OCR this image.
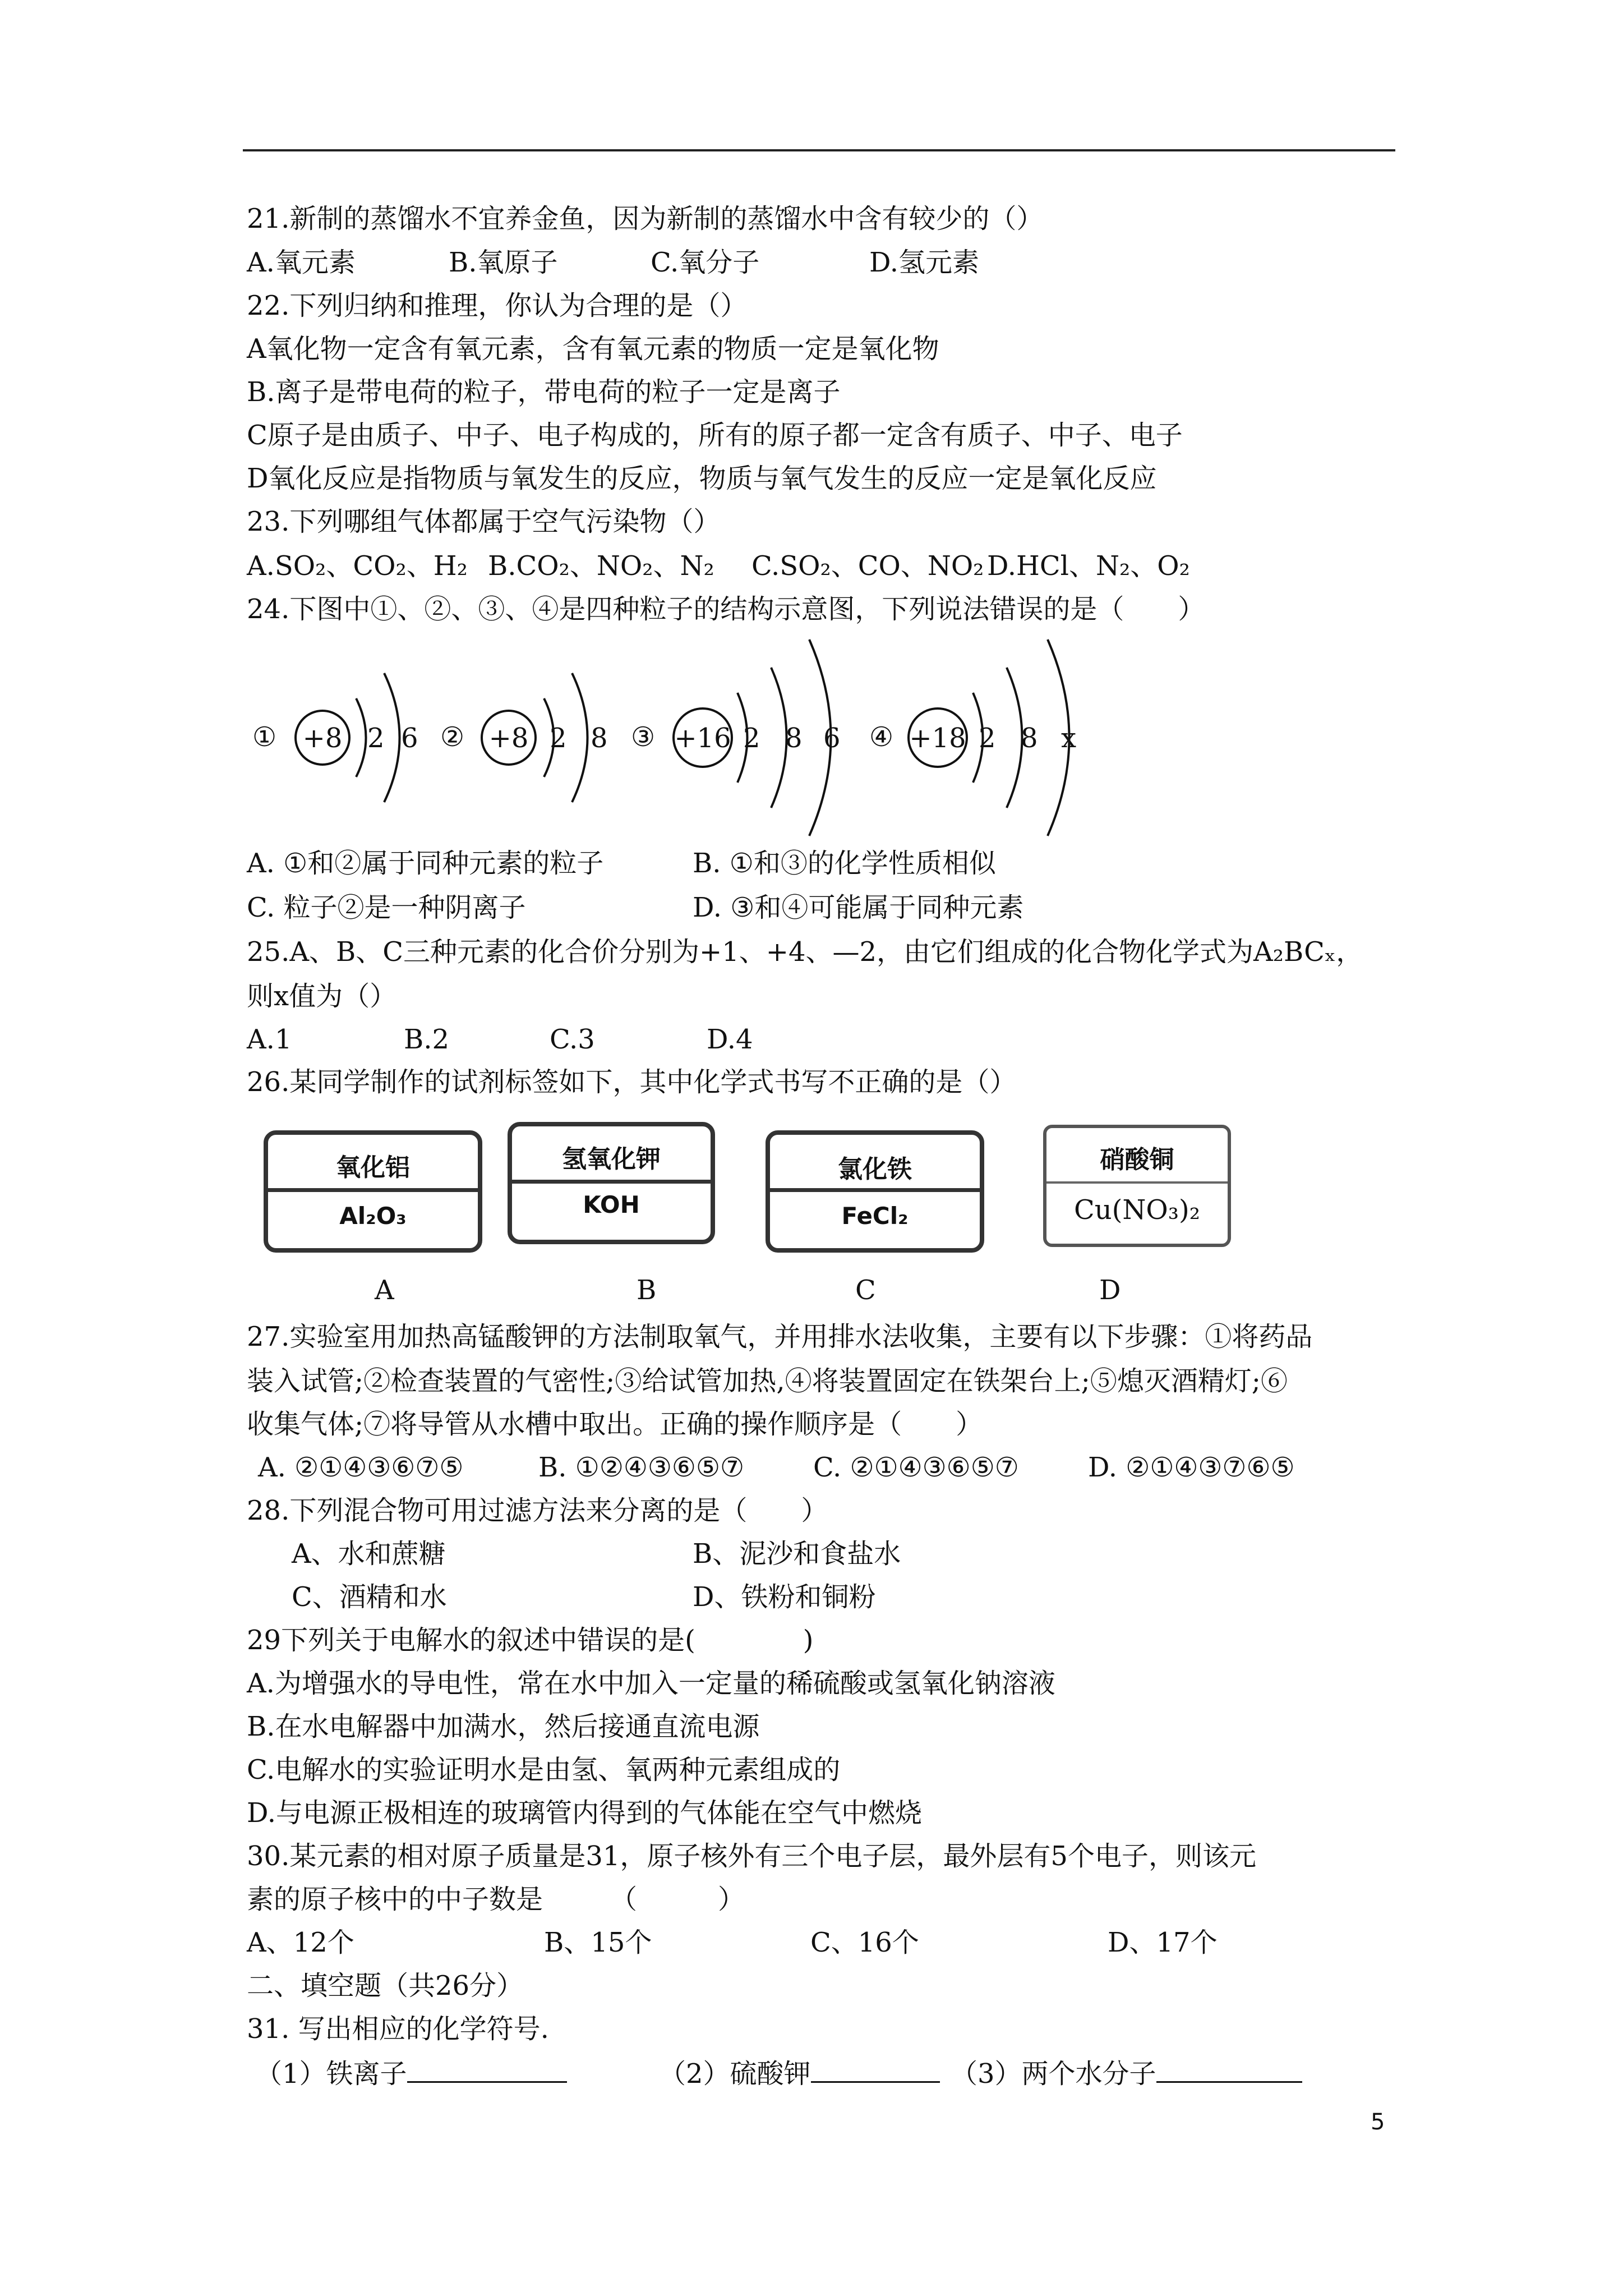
21.新制的蒸馏水不宜养金鱼，因为新制的蒸馏水中含有较少的（）
A.氧元素	B.氧原子	C.氧分子	D.氢元素
22.下列归纳和推理，你认为合理的是（）
A氧化物一定含有氧元素，含有氧元素的物质一定是氧化物
B.离子是带电荷的粒子，带电荷的粒子一定是离子
C原子是由质子、中子、电子构成的，所有的原子都一定含有质子、中子、电子
D氧化反应是指物质与氧发生的反应，物质与氧气发生的反应一定是氧化反应
23.下列哪组气体都属于空气污染物（）
A.SO₂、CO₂、H₂ B.CO₂、NO₂、N₂ C.SO₂、CO、NO₂ D.HCl、N₂、O₂
24.下图中①、②、③、④是四种粒子的结构示意图，下列说法错误的是（　　）
① +8 2 6 ② +8 2 8 ③ +16 2 8 6 ④ +18 2 8 x
A. ①和②属于同种元素的粒子	B. ①和③的化学性质相似
C. 粒子②是一种阴离子	D. ③和④可能属于同种元素
25.A、B、C三种元素的化合价分别为+1、+4、—2，由它们组成的化合物化学式为A₂BCₓ，
则x值为（）
A.1	B.2	C.3	D.4
26.某同学制作的试剂标签如下，其中化学式书写不正确的是（）
氧化铝
Al₂O₃
氢氧化钾
KOH
氯化铁
FeCl₂
硝酸铜
Cu(NO₃)₂
A	B	C	D
27.实验室用加热高锰酸钾的方法制取氧气，并用排水法收集，主要有以下步骤：①将药品
装入试管;②检查装置的气密性;③给试管加热,④将装置固定在铁架台上;⑤熄灭酒精灯;⑥
收集气体;⑦将导管从水槽中取出。正确的操作顺序是（　　）
A. ②①④③⑥⑦⑤	B. ①②④③⑥⑤⑦	C. ②①④③⑥⑤⑦	D. ②①④③⑦⑥⑤
28.下列混合物可用过滤方法来分离的是（　　）
A、水和蔗糖	B、泥沙和食盐水
C、酒精和水	D、铁粉和铜粉
29下列关于电解水的叙述中错误的是(　　　　)
A.为增强水的导电性，常在水中加入一定量的稀硫酸或氢氧化钠溶液
B.在水电解器中加满水，然后接通直流电源
C.电解水的实验证明水是由氢、氧两种元素组成的
D.与电源正极相连的玻璃管内得到的气体能在空气中燃烧
30.某元素的相对原子质量是31，原子核外有三个电子层，最外层有5个电子，则该元
素的原子核中的中子数是　　　（　　　）
A、12个	B、15个	C、16个	D、17个
二、填空题（共26分）
31. 写出相应的化学符号.
（1）铁离子	（2）硫酸钾	（3）两个水分子
5
